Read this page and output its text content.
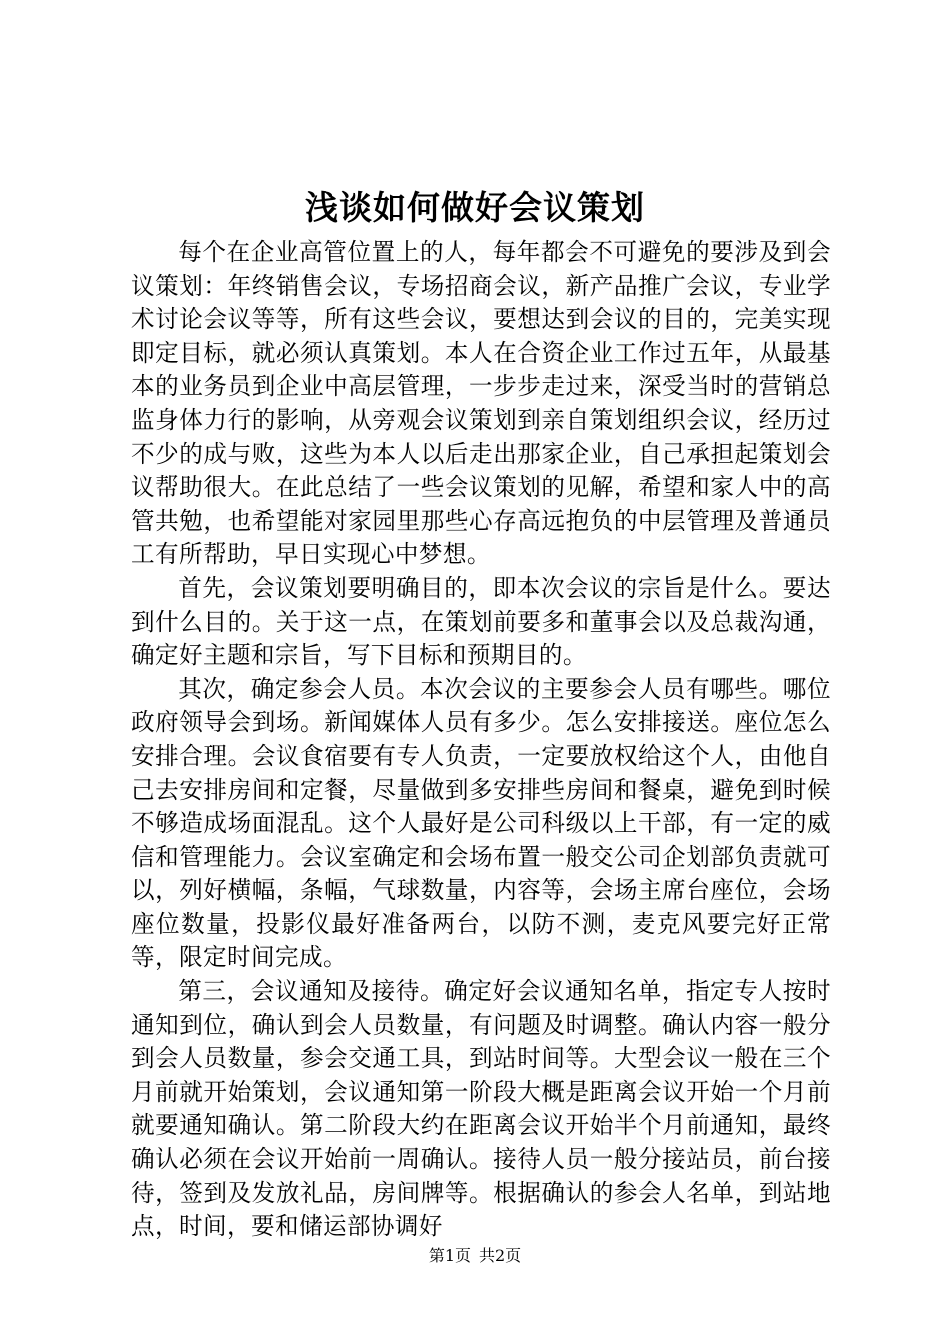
浅谈如何做好会议策划

每个在企业高管位置上的人，每年都会不可避免的要涉及到会议策划：年终销售会议，专场招商会议，新产品推广会议，专业学术讨论会议等等，所有这些会议，要想达到会议的目的，完美实现即定目标，就必须认真策划。本人在合资企业工作过五年，从最基本的业务员到企业中高层管理，一步步走过来，深受当时的营销总监身体力行的影响，从旁观会议策划到亲自策划组织会议，经历过不少的成与败，这些为本人以后走出那家企业，自己承担起策划会议帮助很大。在此总结了一些会议策划的见解，希望和家人中的高管共勉，也希望能对家园里那些心存高远抱负的中层管理及普通员工有所帮助，早日实现心中梦想。

首先，会议策划要明确目的，即本次会议的宗旨是什么。要达到什么目的。关于这一点，在策划前要多和董事会以及总裁沟通，确定好主题和宗旨，写下目标和预期目的。

其次，确定参会人员。本次会议的主要参会人员有哪些。哪位政府领导会到场。新闻媒体人员有多少。怎么安排接送。座位怎么安排合理。会议食宿要有专人负责，一定要放权给这个人，由他自己去安排房间和定餐，尽量做到多安排些房间和餐桌，避免到时候不够造成场面混乱。这个人最好是公司科级以上干部，有一定的威信和管理能力。会议室确定和会场布置一般交公司企划部负责就可以，列好横幅，条幅，气球数量，内容等，会场主席台座位，会场座位数量，投影仪最好准备两台，以防不测，麦克风要完好正常等，限定时间完成。

第三，会议通知及接待。确定好会议通知名单，指定专人按时通知到位，确认到会人员数量，有问题及时调整。确认内容一般分到会人员数量，参会交通工具，到站时间等。大型会议一般在三个月前就开始策划，会议通知第一阶段大概是距离会议开始一个月前就要通知确认。第二阶段大约在距离会议开始半个月前通知，最终确认必须在会议开始前一周确认。接待人员一般分接站员，前台接待，签到及发放礼品，房间牌等。根据确认的参会人名单，到站地点，时间，要和储运部协调好

第1页 共2页
